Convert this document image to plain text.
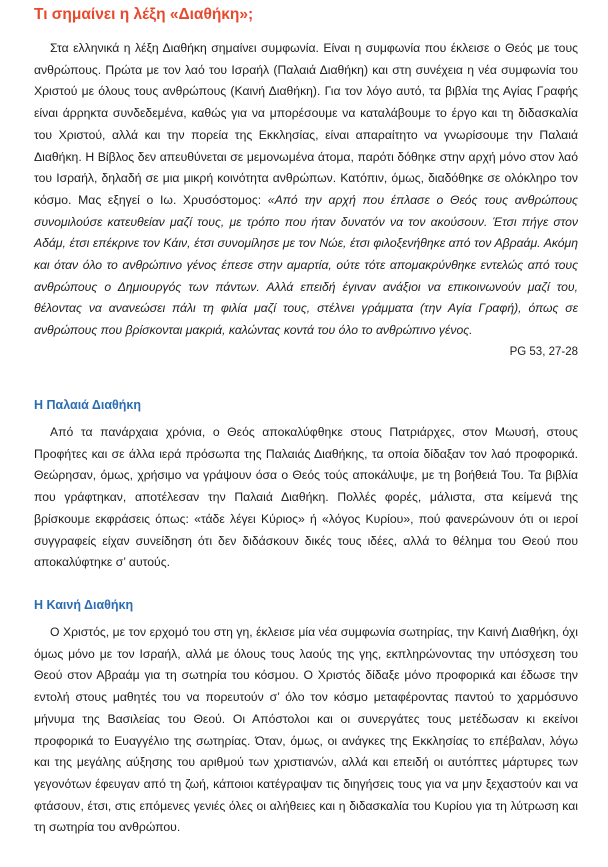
Τι σημαίνει η λέξη «Διαθήκη»;

Στα ελληνικά η λέξη Διαθήκη σημαίνει συμφωνία. Είναι η συμφωνία που έκλεισε ο Θεός με τους ανθρώπους. Πρώτα με τον λαό του Ισραήλ (Παλαιά Διαθήκη) και στη συνέχεια η νέα συμφωνία του Χριστού με όλους τους ανθρώπους (Καινή Διαθήκη). Για τον λόγο αυτό, τα βιβλία της Αγίας Γραφής είναι άρρηκτα συνδεδεμένα, καθώς για να μπορέσουμε να καταλάβουμε το έργο και τη διδασκαλία του Χριστού, αλλά και την πορεία της Εκκλησίας, είναι απαραίτητο να γνωρίσουμε την Παλαιά Διαθήκη. Η Βίβλος δεν απευθύνεται σε μεμονωμένα άτομα, παρότι δόθηκε στην αρχή μόνο στον λαό του Ισραήλ, δηλαδή σε μια μικρή κοινότητα ανθρώπων. Κατόπιν, όμως, διαδόθηκε σε ολόκληρο τον κόσμο. Μας εξηγεί ο Ιω. Χρυσόστομος: «Από την αρχή που έπλασε ο Θεός τους ανθρώπους συνομιλούσε κατευθείαν μαζί τους, με τρόπο που ήταν δυνατόν να τον ακούσουν. Έτσι πήγε στον Αδάμ, έτσι επέκρινε τον Κάιν, έτσι συνομίλησε με τον Νώε, έτσι φιλοξενήθηκε από τον Αβραάμ. Ακόμη και όταν όλο το ανθρώπινο γένος έπεσε στην αμαρτία, ούτε τότε απομακρύνθηκε εντελώς από τους ανθρώπους ο Δημιουργός των πάντων. Αλλά επειδή έγιναν ανάξιοι να επικοινωνούν μαζί του, θέλοντας να ανανεώσει πάλι τη φιλία μαζί τους, στέλνει γράμματα (την Αγία Γραφή), όπως σε ανθρώπους που βρίσκονται μακριά, καλώντας κοντά του όλο το ανθρώπινο γένος.

PG 53, 27-28

Η Παλαιά Διαθήκη

Από τα πανάρχαια χρόνια, ο Θεός αποκαλύφθηκε στους Πατριάρχες, στον Μωυσή, στους Προφήτες και σε άλλα ιερά πρόσωπα της Παλαιάς Διαθήκης, τα οποία δίδαξαν τον λαό προφορικά. Θεώρησαν, όμως, χρήσιμο να γράψουν όσα ο Θεός τούς αποκάλυψε, με τη βοήθειά Του. Τα βιβλία που γράφτηκαν, αποτέλεσαν την Παλαιά Διαθήκη. Πολλές φορές, μάλιστα, στα κείμενά της βρίσκουμε εκφράσεις όπως: «τάδε λέγει Κύριος» ή «λόγος Κυρίου», πού φανερώνουν ότι οι ιεροί συγγραφείς είχαν συνείδηση ότι δεν διδάσκουν δικές τους ιδέες, αλλά το θέλημα του Θεού που αποκαλύφτηκε σ’ αυτούς.

Η Καινή Διαθήκη

Ο Χριστός, με τον ερχομό του στη γη, έκλεισε μία νέα συμφωνία σωτηρίας, την Καινή Διαθήκη, όχι όμως μόνο με τον Ισραήλ, αλλά με όλους τους λαούς της γης, εκπληρώνοντας την υπόσχεση του Θεού στον Αβραάμ για τη σωτηρία του κόσμου. Ο Χριστός δίδαξε μόνο προφορικά και έδωσε την εντολή στους μαθητές του να πορευτούν σ’ όλο τον κόσμο μεταφέροντας παντού το χαρμόσυνο μήνυμα της Βασιλείας του Θεού. Οι Απόστολοι και οι συνεργάτες τους μετέδωσαν κι εκείνοι προφορικά το Ευαγγέλιο της σωτηρίας. Όταν, όμως, οι ανάγκες της Εκκλησίας το επέβαλαν, λόγω και της μεγάλης αύξησης του αριθμού των χριστιανών, αλλά και επειδή οι αυτόπτες μάρτυρες των γεγονότων έφευγαν από τη ζωή, κάποιοι κατέγραψαν τις διηγήσεις τους για να μην ξεχαστούν και να φτάσουν, έτσι, στις επόμενες γενιές όλες οι αλήθειες και η διδασκαλία του Κυρίου για τη λύτρωση και τη σωτηρία του ανθρώπου.
